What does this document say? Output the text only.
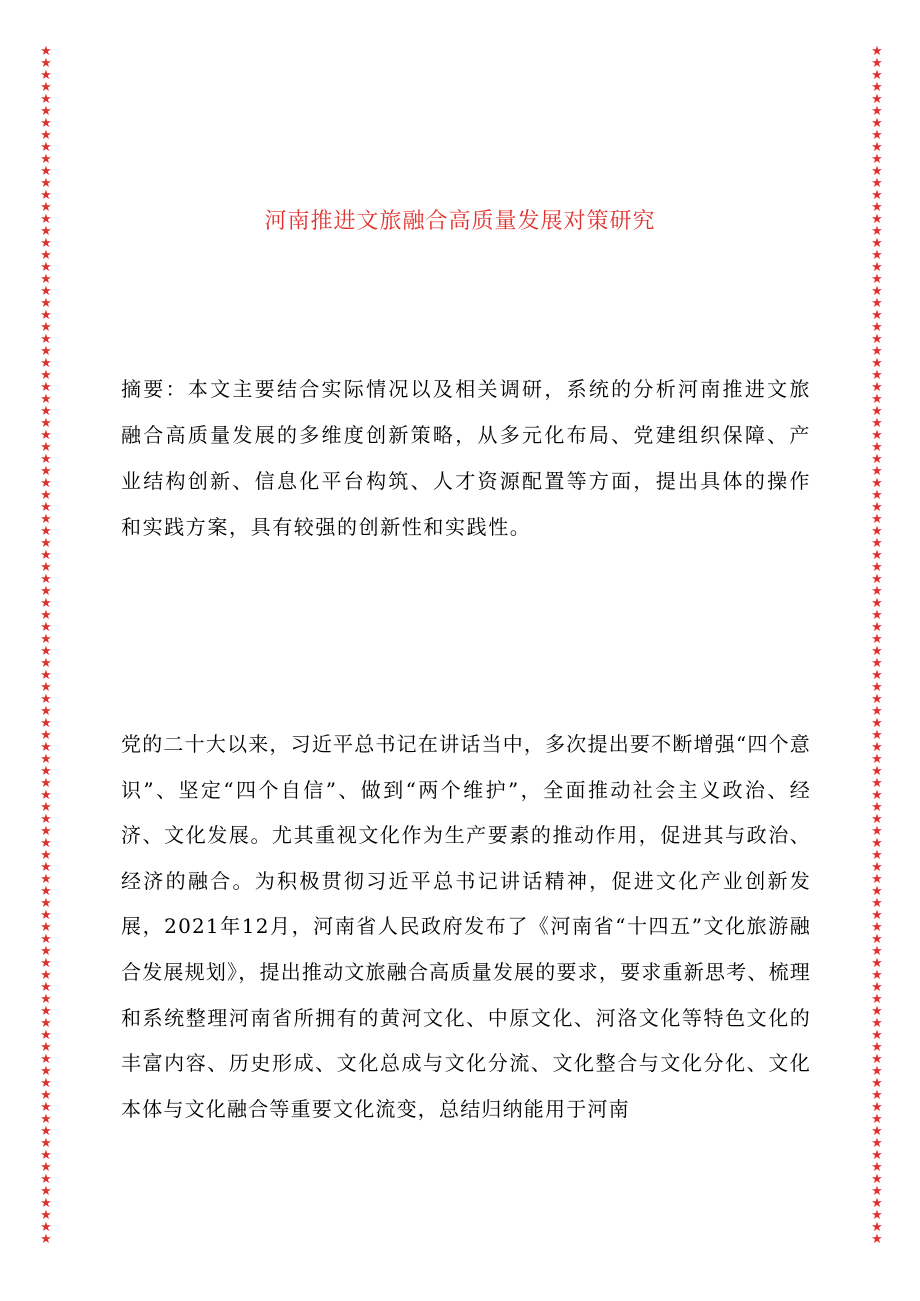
★
★
★
★
★
★
★
★
★
★
★
★
★
★
★
★
★
★
★
★
★
★
★
★
★
★
★
★
★
★
★
★
★
★
★
★
★
★
★
★
★
★
★
★
★
★
★
★
★
★
★
★
★
★
★
★
★
★
★
★
★
★
★
★
★
★
★
★
★
★
★
★
★
★
★
★
★
★
★
★
★
★
★
★
★
★
★
★
★
★
★
★
★
★
★
★
★
★
★
★
★
★
★
★
★
★
★
★
★
★
★
★
★
★
★
★
★
★
★
★
★
★
★
★
★
★
★
★
★
★
★
★
★
★
★
★
★
★
★
★
★
★
★
★
★
★
★
★
★
★
★
★
★
★
★
★
★
★
★
★
★
★
★
★
★
★
★
★
★
★
★
★
★
★
★
★
★
★
★
★
★
★
★
★
★
★
★
★
★
★
★
★
★
★
★
★
★
★
★
★
河南推进文旅融合高质量发展对策研究

摘要：本文主要结合实际情况以及相关调研，系统的分析河南推进文旅融合高质量发展的多维度创新策略，从多元化布局、党建组织保障、产业结构创新、信息化平台构筑、人才资源配置等方面，提出具体的操作和实践方案，具有较强的创新性和实践性。

党的二十大以来，习近平总书记在讲话当中，多次提出要不断增强“四个意识”、坚定“四个自信”、做到“两个维护”，全面推动社会主义政治、经济、文化发展。尤其重视文化作为生产要素的推动作用，促进其与政治、经济的融合。为积极贯彻习近平总书记讲话精神，促进文化产业创新发展，2021年12月，河南省人民政府发布了《河南省“十四五”文化旅游融合发展规划》，提出推动文旅融合高质量发展的要求，要求重新思考、梳理和系统整理河南省所拥有的黄河文化、中原文化、河洛文化等特色文化的丰富内容、历史形成、文化总成与文化分流、文化整合与文化分化、文化本体与文化融合等重要文化流变，总结归纳能用于河南
